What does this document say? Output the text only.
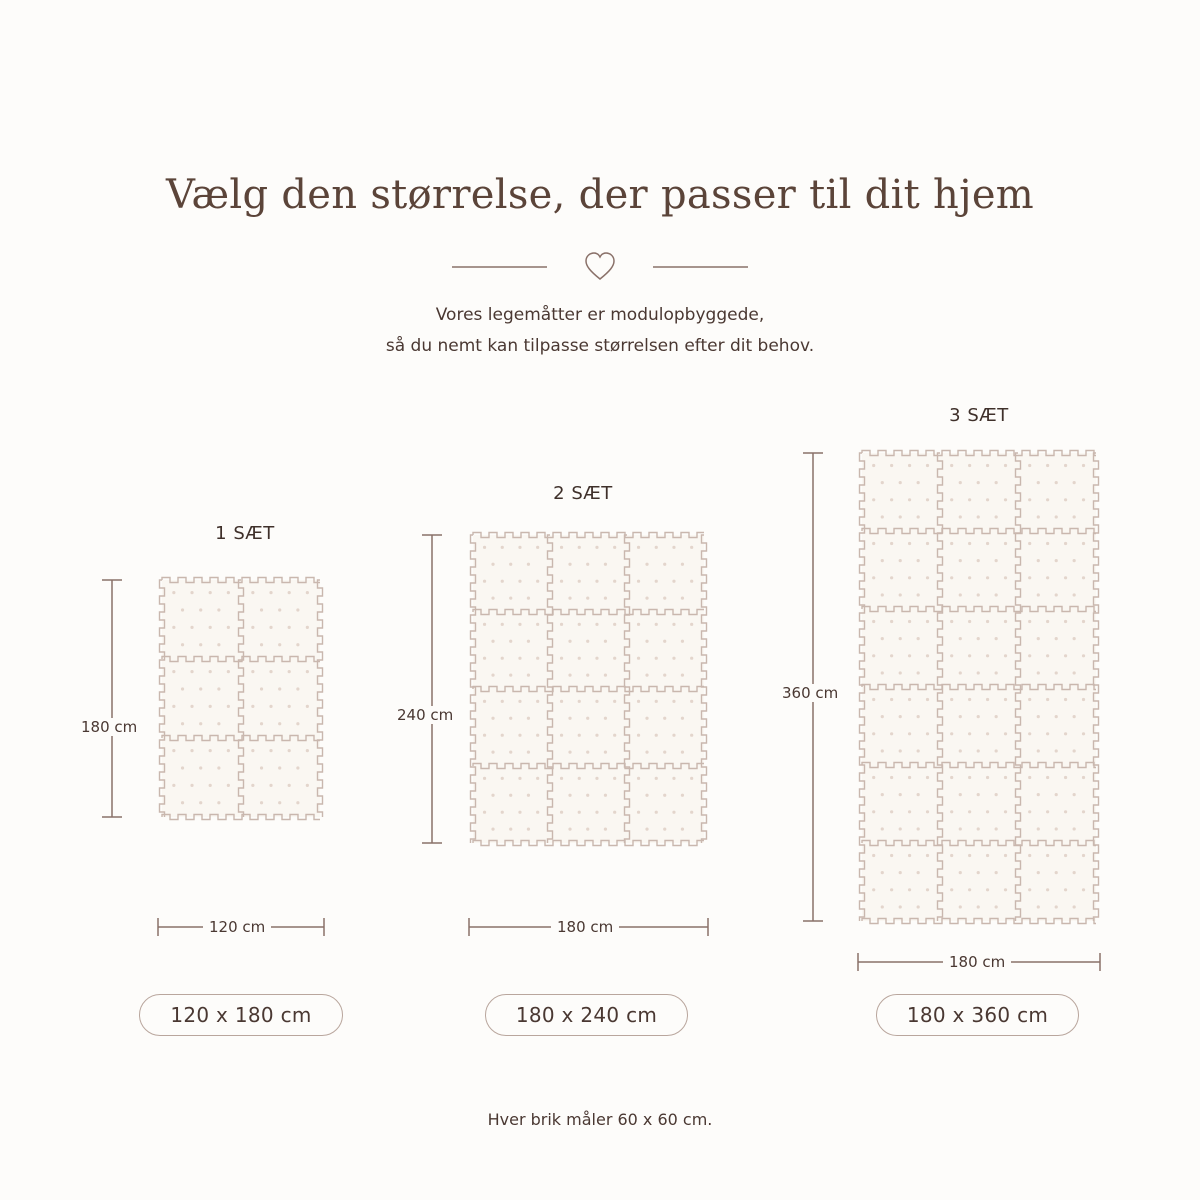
Vælg den størrelse, der passer til dit hjem
Vores legemåtter er modulopbyggede,
så du nemt kan tilpasse størrelsen efter dit behov.
1 SÆT
180 cm
120 cm
120 x 180 cm
2 SÆT
240 cm
180 cm
180 x 240 cm
3 SÆT
360 cm
180 cm
180 x 360 cm
Hver brik måler 60 x 60 cm.
